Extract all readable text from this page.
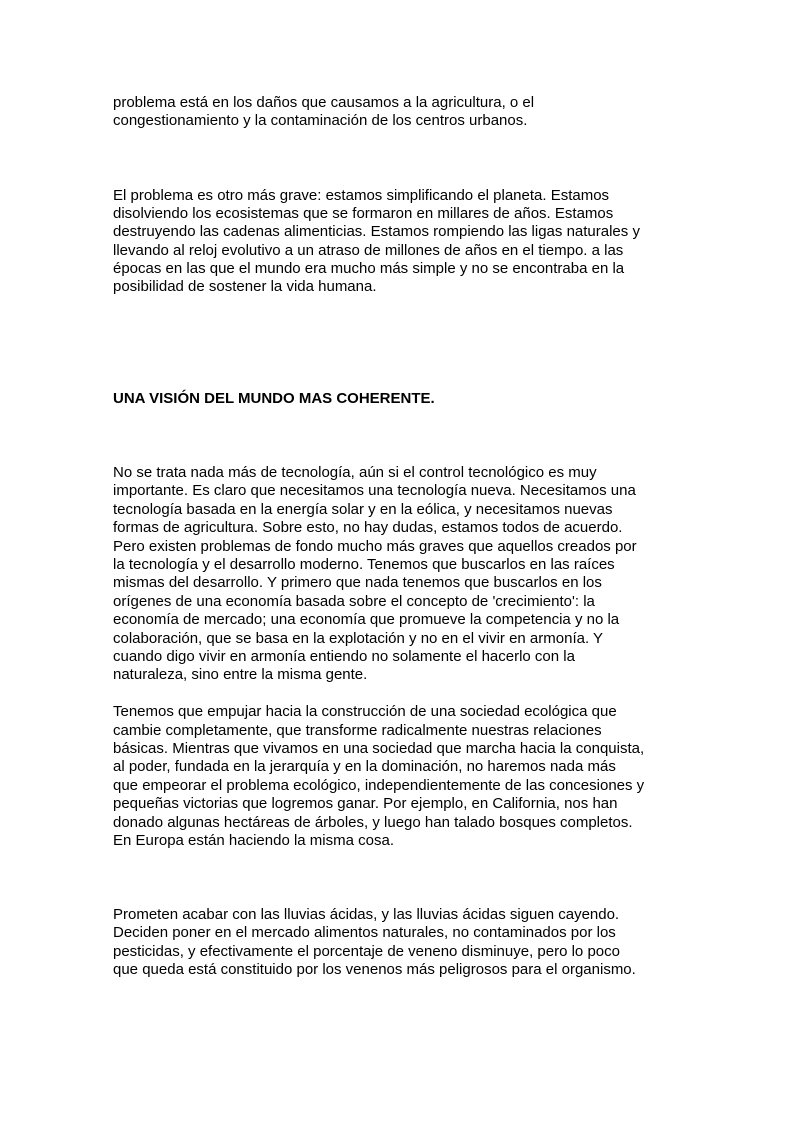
problema está en los daños que causamos a la agricultura, o el

congestionamiento y la contaminación de los centros urbanos.

El problema es otro más grave: estamos simplificando el planeta. Estamos

disolviendo los ecosistemas que se formaron en millares de años. Estamos

destruyendo las cadenas alimenticias. Estamos rompiendo las ligas naturales y

llevando al reloj evolutivo a un atraso de millones de años en el tiempo. a las

épocas en las que el mundo era mucho más simple y no se encontraba en la

posibilidad de sostener la vida humana.

UNA VISIÓN DEL MUNDO MAS COHERENTE.

No se trata nada más de tecnología, aún si el control tecnológico es muy

importante. Es claro que necesitamos una tecnología nueva. Necesitamos una

tecnología basada en la energía solar y en la eólica, y necesitamos nuevas

formas de agricultura. Sobre esto, no hay dudas, estamos todos de acuerdo.

Pero existen problemas de fondo mucho más graves que aquellos creados por

la tecnología y el desarrollo moderno. Tenemos que buscarlos en las raíces

mismas del desarrollo. Y primero que nada tenemos que buscarlos en los

orígenes de una economía basada sobre el concepto de 'crecimiento': la

economía de mercado; una economía que promueve la competencia y no la

colaboración, que se basa en la explotación y no en el vivir en armonía. Y

cuando digo vivir en armonía entiendo no solamente el hacerlo con la

naturaleza, sino entre la misma gente.

Tenemos que empujar hacia la construcción de una sociedad ecológica que

cambie completamente, que transforme radicalmente nuestras relaciones

básicas. Mientras que vivamos en una sociedad que marcha hacia la conquista,

al poder, fundada en la jerarquía y en la dominación, no haremos nada más

que empeorar el problema ecológico, independientemente de las concesiones y

pequeñas victorias que logremos ganar. Por ejemplo, en California, nos han

donado algunas hectáreas de árboles, y luego han talado bosques completos.

En Europa están haciendo la misma cosa.

Prometen acabar con las lluvias ácidas, y las lluvias ácidas siguen cayendo.

Deciden poner en el mercado alimentos naturales, no contaminados por los

pesticidas, y efectivamente el porcentaje de veneno disminuye, pero lo poco

que queda está constituido por los venenos más peligrosos para el organismo.
